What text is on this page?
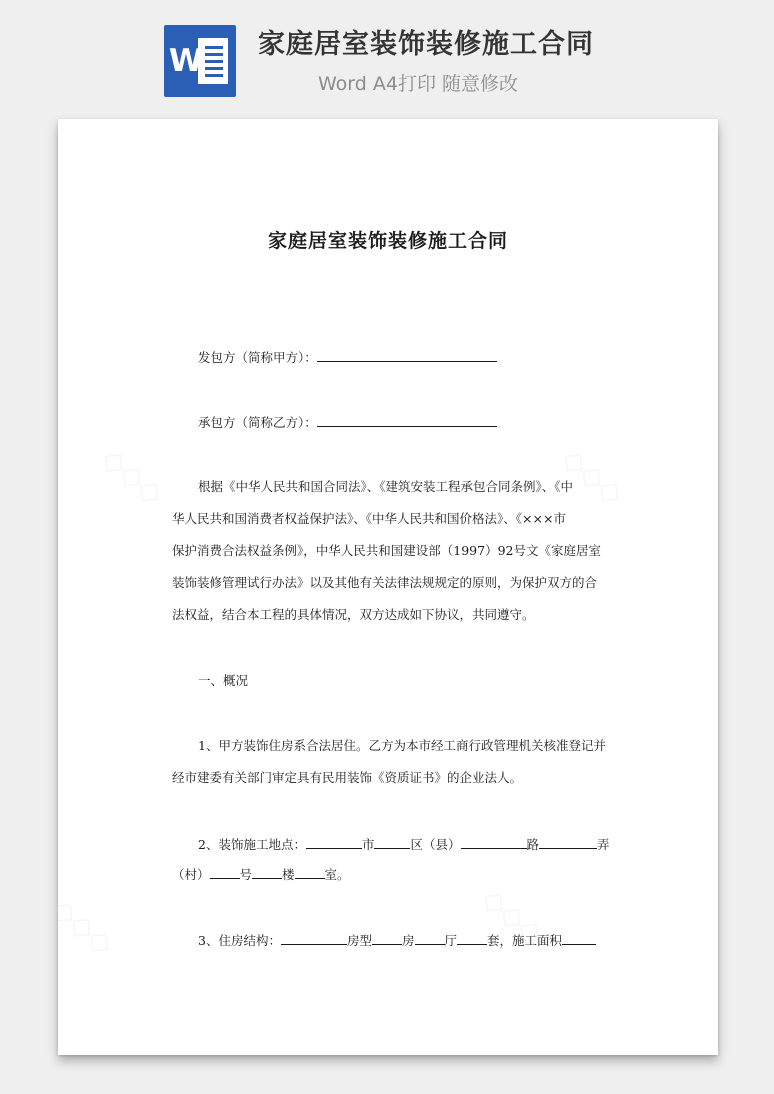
W 家庭居室装饰装修施工合同
Word A4打印 随意修改
家庭居室装饰装修施工合同
发包方（简称甲方）：
承包方（简称乙方）：
根据《中华人民共和国合同法》、《建筑安装工程承包合同条例》、《中
华人民共和国消费者权益保护法》、《中华人民共和国价格法》、《×××市
保护消费合法权益条例》，中华人民共和国建设部（1997）92号文《家庭居室
装饰装修管理试行办法》以及其他有关法律法规规定的原则，为保护双方的合
法权益，结合本工程的具体情况，双方达成如下协议，共同遵守。
一、概况
1、甲方装饰住房系合法居住。乙方为本市经工商行政管理机关核准登记并
经市建委有关部门审定具有民用装饰《资质证书》的企业法人。
2、装饰施工地点：	市	区（县）	路	弄
（村） 号 楼 室。
3、住房结构：	房型 房 厅 套，施工面积
